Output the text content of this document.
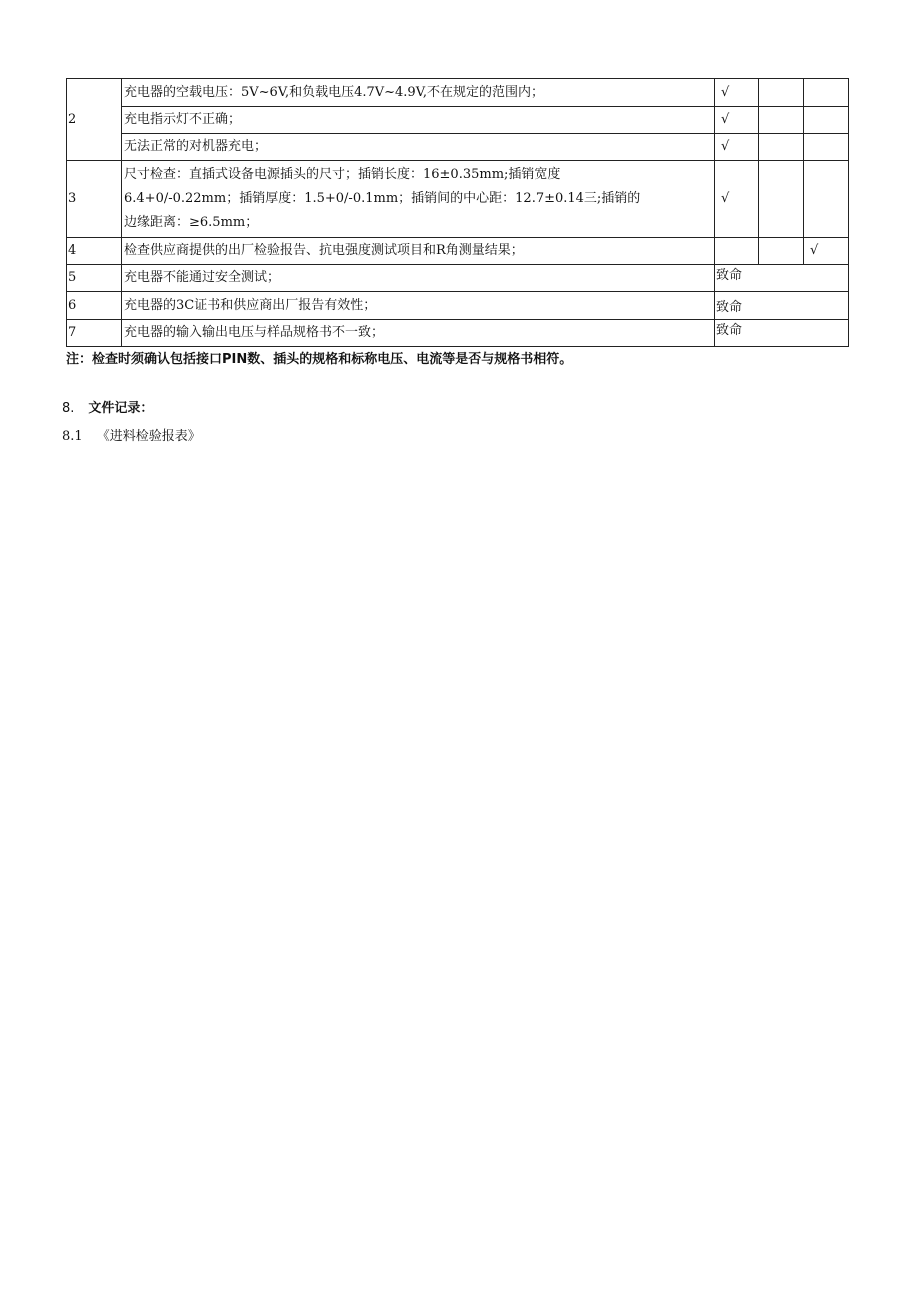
2	充电器的空载电压：5V~6V,和负载电压4.7V~4.9V,不在规定的范围内；	√		
	充电指示灯不正确；	√		
	无法正常的对机器充电；	√		
3	尺寸检查：直插式设备电源插头的尺寸；插销长度：16±0.35mm;插销宽度
6.4+0/-0.22mm；插销厚度：1.5+0/-0.1mm；插销间的中心距：12.7±0.14三;插销的
边缘距离：≥6.5mm；	√		
4	检查供应商提供的出厂检验报告、抗电强度测试项目和R角测量结果；			√
5	充电器不能通过安全测试；	致命		
6	充电器的3C证书和供应商出厂报告有效性；	致命		
7	充电器的输入输出电压与样品规格书不一致；	致命		
注：检查时须确认包括接口PIN数、插头的规格和标称电压、电流等是否与规格书相符。
8. 文件记录：
8.1 《进料检验报表》
